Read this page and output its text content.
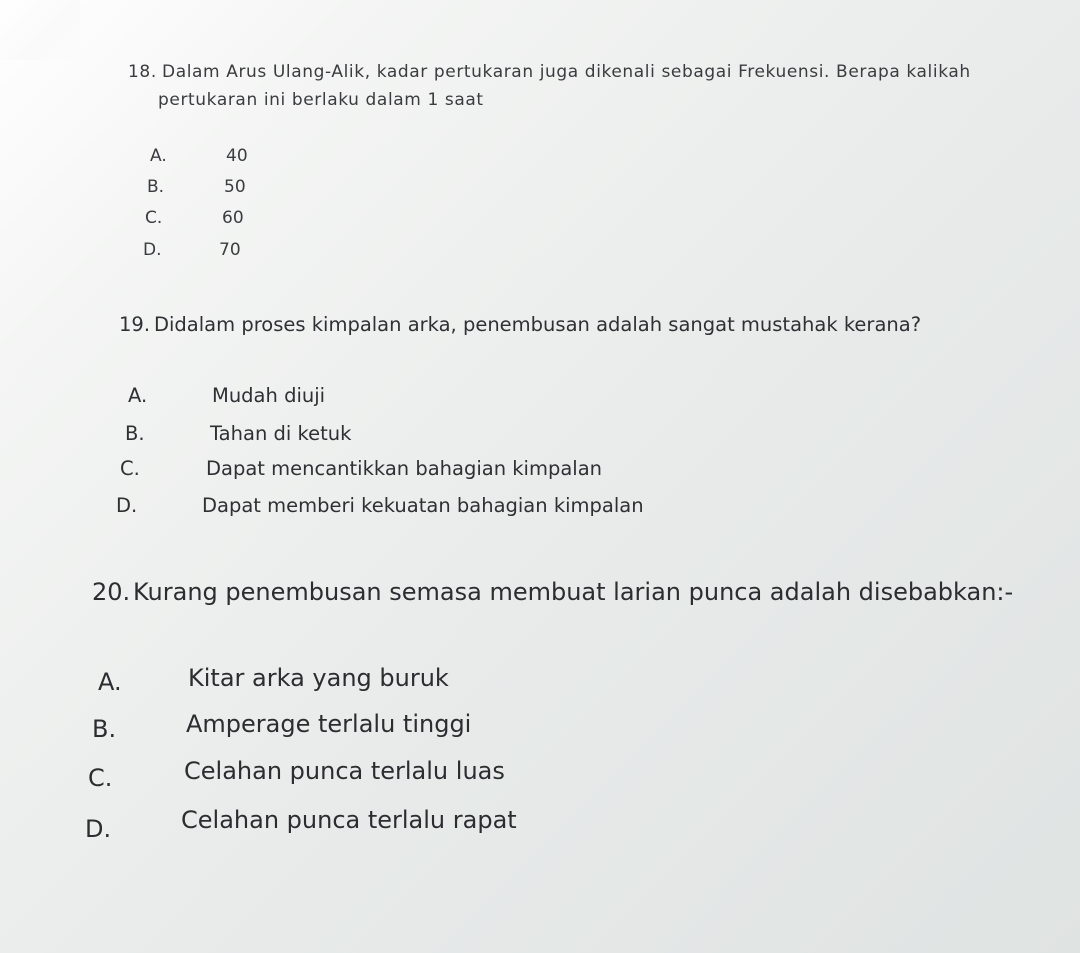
18. Dalam Arus Ulang-Alik, kadar pertukaran juga dikenali sebagai Frekuensi. Berapa kalikah
pertukaran ini berlaku dalam 1 saat
A.	40
B.	50
C.	60
D.	70
19. Didalam proses kimpalan arka, penembusan adalah sangat mustahak kerana?
A.	Mudah diuji
B.	Tahan di ketuk
C.	Dapat mencantikkan bahagian kimpalan
D.	Dapat memberi kekuatan bahagian kimpalan
20. Kurang penembusan semasa membuat larian punca adalah disebabkan:-
A.	Kitar arka yang buruk
B.	Amperage terlalu tinggi
C.	Celahan punca terlalu luas
D.	Celahan punca terlalu rapat
